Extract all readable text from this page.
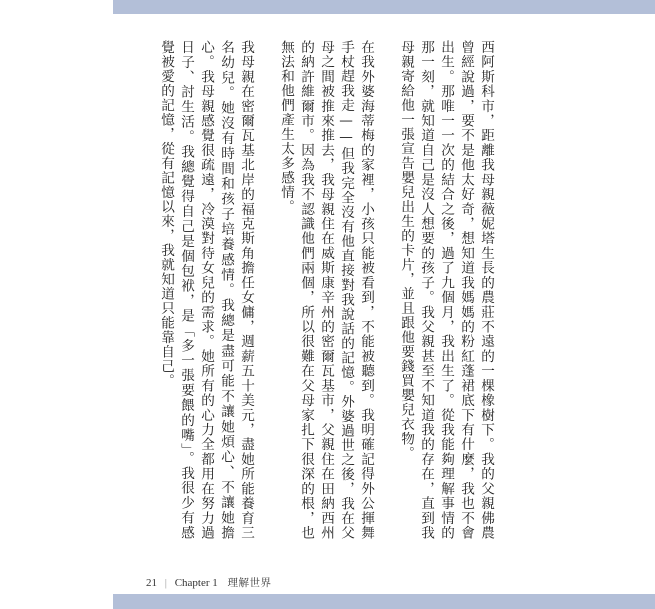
西阿斯科市，距離我母親薇妮塔生長的農莊不遠的一棵橡樹下。我的父親佛農曾經說過，要不是他太好奇，想知道我媽媽的粉紅蓬裙底下有什麼，我也不會出生。那唯一一次的結合之後，過了九個月，我出生了。從我能夠理解事情的那一刻，就知道自己是沒人想要的孩子。我父親甚至不知道我的存在，直到我母親寄給他一張宣告嬰兒出生的卡片，並且跟他要錢買嬰兒衣物。

在我外婆海蒂梅的家裡，小孩只能被看到，不能被聽到。我明確記得外公揮舞手杖趕我走——但我完全沒有他直接對我說話的記憶。外婆過世之後，我在父母之間被推來推去，我母親住在威斯康辛州的密爾瓦基市，父親住在田納西州的納許維爾市。因為我不認識他們兩個，所以很難在父母家扎下很深的根，也無法和他們產生太多感情。

我母親在密爾瓦基北岸的福克斯角擔任女傭，週薪五十美元，盡她所能養育三名幼兒。她沒有時間和孩子培養感情。我總是盡可能不讓她煩心、不讓她擔心。我母親感覺很疏遠，冷漠對待女兒的需求。她所有的心力全都用在努力過日子、討生活。我總覺得自己是個包袱，是「多一張要餵的嘴」。我很少有感覺被愛的記憶，從有記憶以來，我就知道只能靠自己。

21 | Chapter 1 理解世界
